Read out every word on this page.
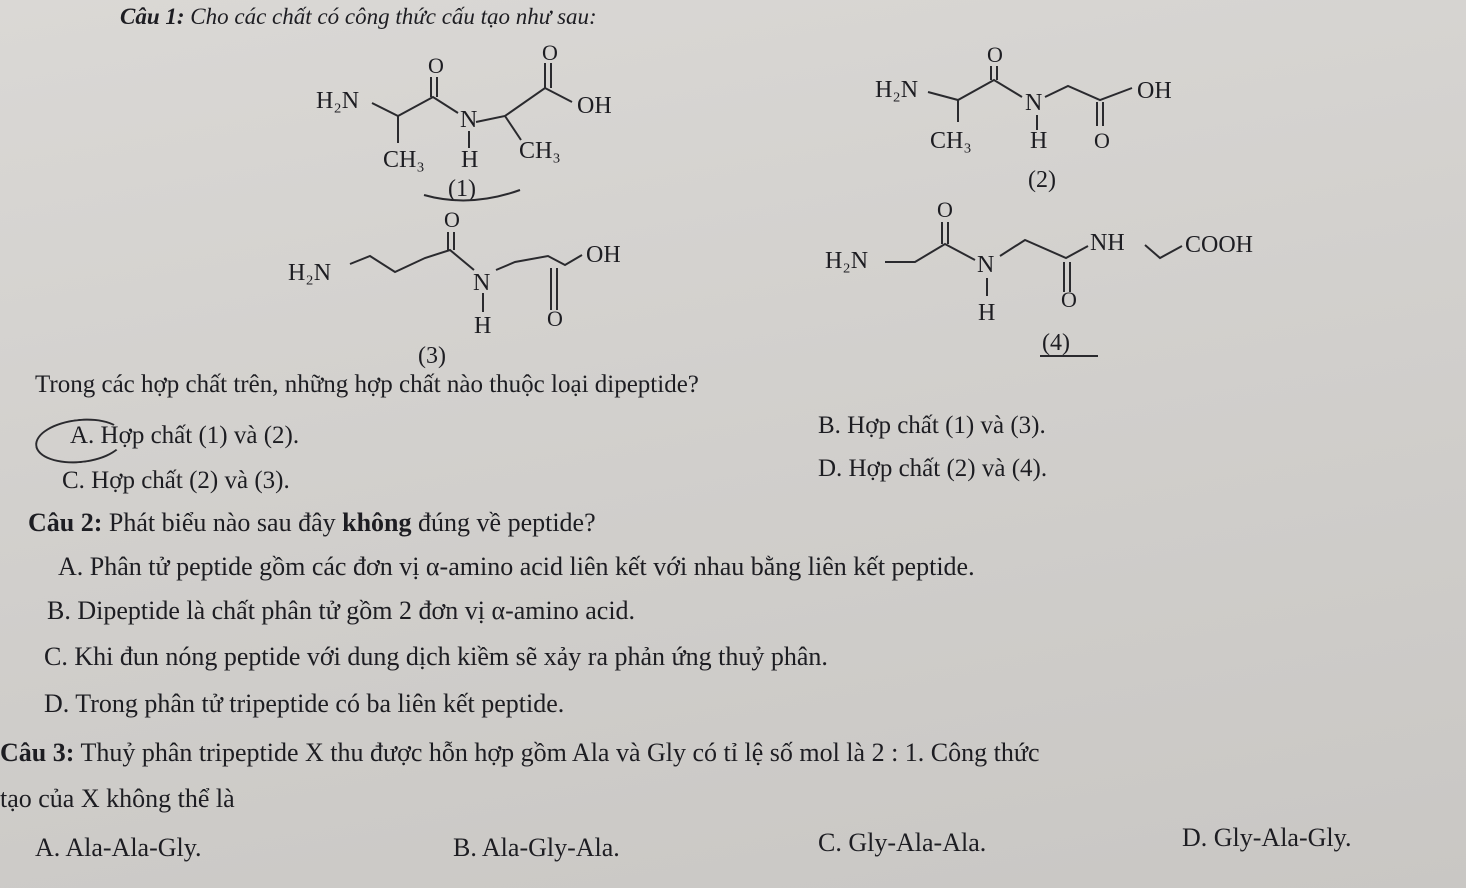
Câu 1: Cho các chất có công thức cấu tạo như sau:
H₂N
O
O
N
H
OH
CH₃	CH₃
(1)
H₂N
O
N
H
OH
O
CH₃
(2)
H₂N
O
N
H
OH
O
(3)
H₂N
O
N
H
NH	COOH
O
(4)
Trong các hợp chất trên, những hợp chất nào thuộc loại dipeptide?
A. Hợp chất (1) và (2).	B. Hợp chất (1) và (3).
C. Hợp chất (2) và (3).	D. Hợp chất (2) và (4).
Câu 2: Phát biểu nào sau đây không đúng về peptide?
A. Phân tử peptide gồm các đơn vị α-amino acid liên kết với nhau bằng liên kết peptide.
B. Dipeptide là chất phân tử gồm 2 đơn vị α-amino acid.
C. Khi đun nóng peptide với dung dịch kiềm sẽ xảy ra phản ứng thuỷ phân.
D. Trong phân tử tripeptide có ba liên kết peptide.
Câu 3: Thuỷ phân tripeptide X thu được hỗn hợp gồm Ala và Gly có tỉ lệ số mol là 2 : 1. Công thức
tạo của X không thể là
A. Ala-Ala-Gly.	B. Ala-Gly-Ala.	C. Gly-Ala-Ala.	D. Gly-Ala-Gly.
